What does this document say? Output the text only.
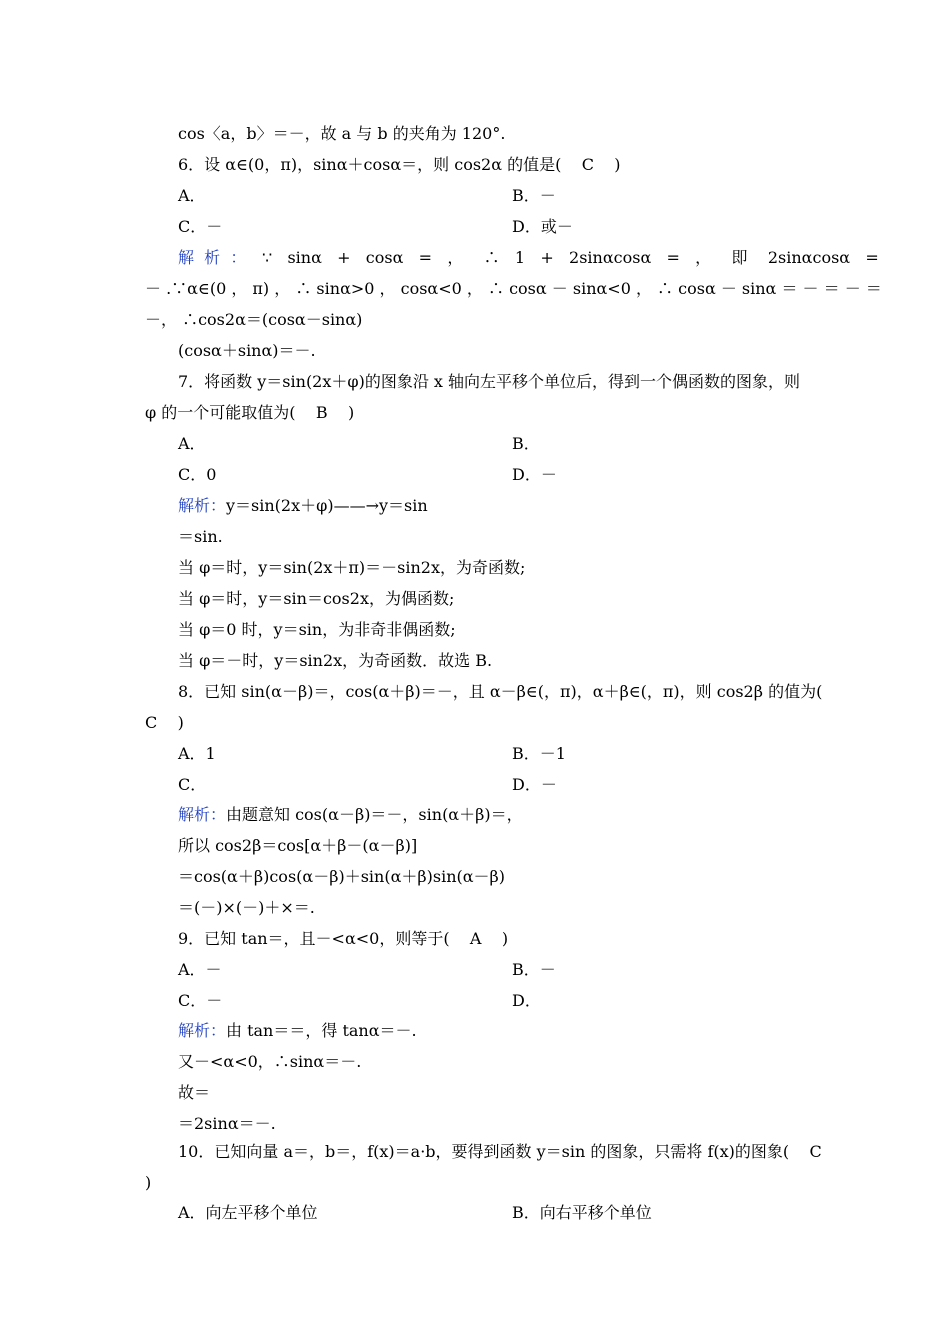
cos〈a，b〉＝－，故 a 与 b 的夹角为 120°.
6．设 α∈(0，π)，sinα＋cosα＝，则 cos2α 的值是(    C    )
A．	B．－
C．－	D．或－
解  析  ： ∵   sinα   +   cosα   =   ，    ∴   1   +   2sinαcosα   =   ，    即    2sinαcosα   =
－ .∵α∈(0 ， π) ， ∴ sinα>0 ， cosα<0 ， ∴ cosα － sinα<0 ， ∴ cosα － sinα ＝ － ＝ － ＝
－， ∴cos2α＝(cosα－sinα)
(cosα＋sinα)＝－.
7．将函数 y＝sin(2x＋φ)的图象沿 x 轴向左平移个单位后，得到一个偶函数的图象，则
φ 的一个可能取值为(    B    )
A．	B．
C．0	D．－
解析： y＝sin(2x＋φ)——→y＝sin
＝sin.
当 φ＝时，y＝sin(2x＋π)＝－sin2x，为奇函数;
当 φ＝时，y＝sin＝cos2x，为偶函数;
当 φ＝0 时，y＝sin，为非奇非偶函数;
当 φ＝－时，y＝sin2x，为奇函数．故选 B.
8．已知 sin(α－β)＝，cos(α＋β)＝－，且 α－β∈(，π)，α＋β∈(，π)，则 cos2β 的值为(
C    )
A．1	B．－1
C．	D．－
解析： 由题意知 cos(α－β)＝－，sin(α＋β)＝，
所以 cos2β＝cos[α＋β－(α－β)]
＝cos(α＋β)cos(α－β)＋sin(α＋β)sin(α－β)
＝(－)×(－)＋×＝.
9．已知 tan＝，且－<α<0，则等于(    A    )
A．－	B．－
C．－	D．
解析： 由 tan＝＝，得 tanα＝－.
又－<α<0，∴sinα＝－.
故＝
＝2sinα＝－.
10．已知向量 a＝，b＝，f(x)＝a·b，要得到函数 y＝sin 的图象，只需将 f(x)的图象(    C
)
A．向左平移个单位	B．向右平移个单位
